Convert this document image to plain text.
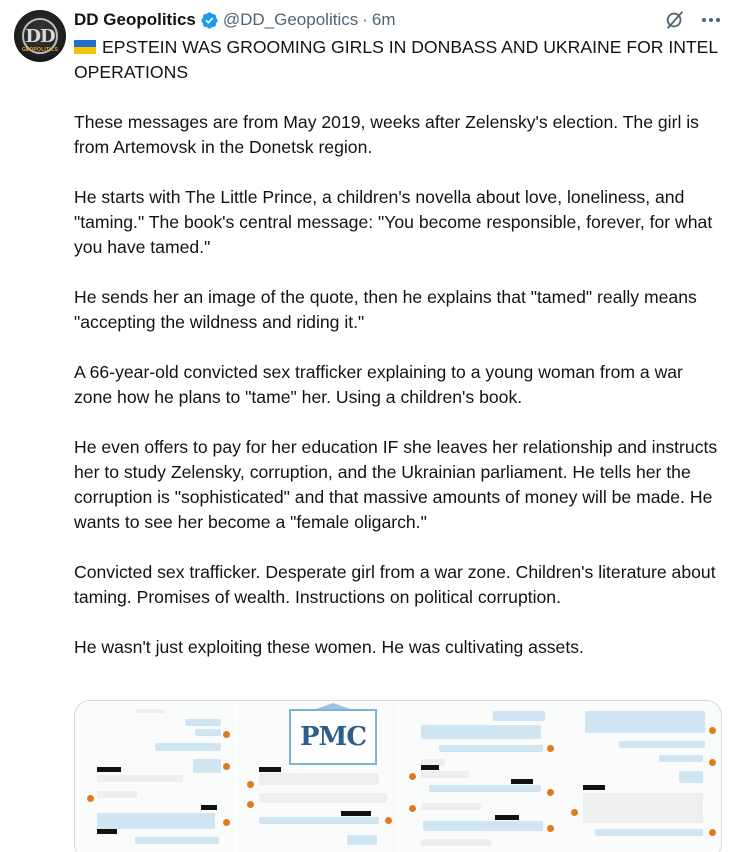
DD
GEOPOLITICS
DD Geopolitics @DD_Geopolitics · 6m
EPSTEIN WAS GROOMING GIRLS IN DONBASS AND UKRAINE FOR INTEL OPERATIONS
These messages are from May 2019, weeks after Zelensky's election. The girl is from Artemovsk in the Donetsk region.
He starts with The Little Prince, a children's novella about love, loneliness, and "taming." The book's central message: "You become responsible, forever, for what you have tamed."
He sends her an image of the quote, then he explains that "tamed" really means "accepting the wildness and riding it."
A 66-year-old convicted sex trafficker explaining to a young woman from a war zone how he plans to "tame" her. Using a children's book.
He even offers to pay for her education IF she leaves her relationship and instructs her to study Zelensky, corruption, and the Ukrainian parliament. He tells her the corruption is "sophisticated" and that massive amounts of money will be made. He wants to see her become a "female oligarch."
Convicted sex trafficker. Desperate girl from a war zone. Children's literature about taming. Promises of wealth. Instructions on political corruption.
He wasn't just exploiting these women. He was cultivating assets.
PMC
